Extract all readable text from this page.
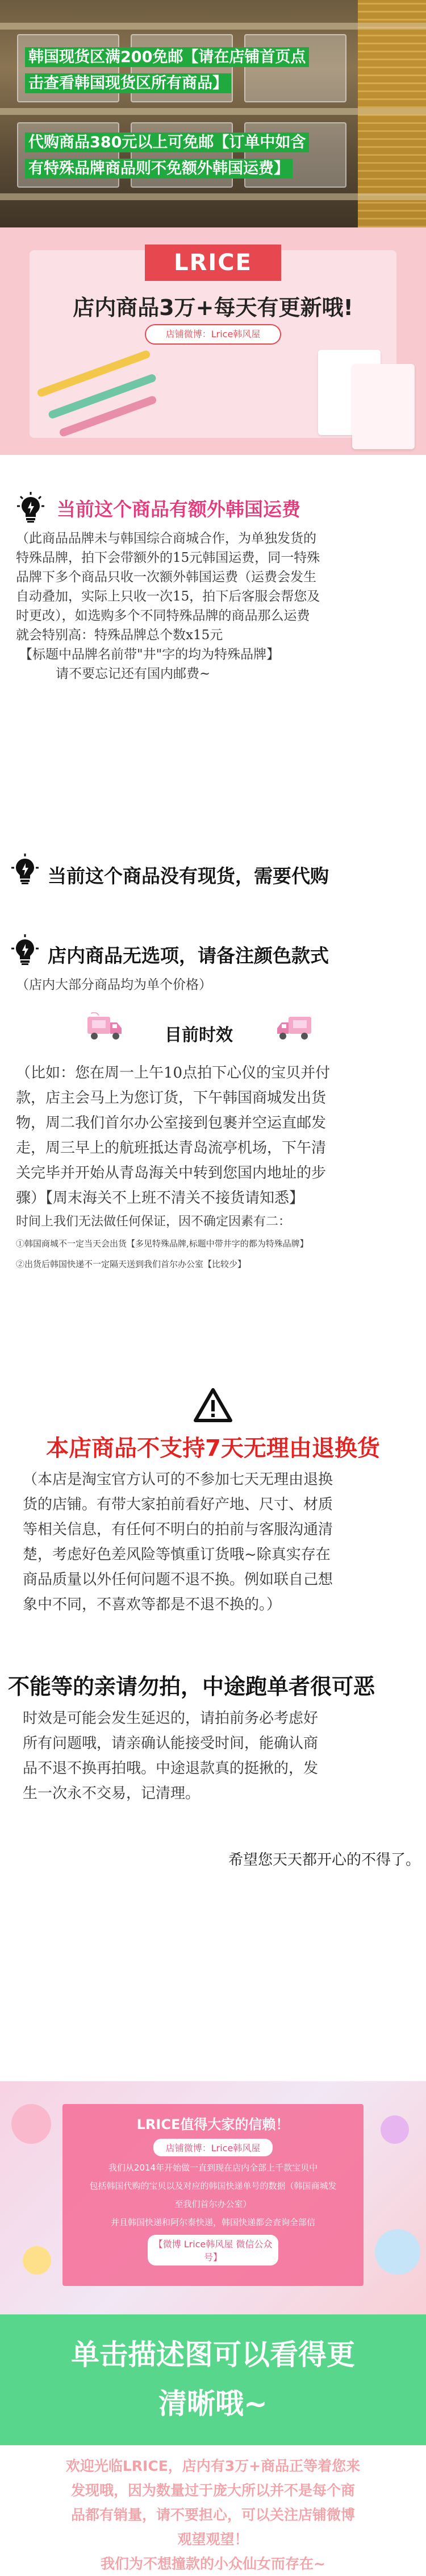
韩国现货区满200免邮【请在店铺首页点
击查看韩国现货区所有商品】
代购商品380元以上可免邮【订单中如含
有特殊品牌商品则不免额外韩国运费】
LRICE
店内商品3万+每天有更新哦!
店铺微博：Lrice韩风屋
当前这个商品有额外韩国运费
（此商品品牌未与韩国综合商城合作，为单独发货的
特殊品牌，拍下会带额外的15元韩国运费，同一特殊
品牌下多个商品只收一次额外韩国运费（运费会发生
自动叠加，实际上只收一次15，拍下后客服会帮您及
时更改），如选购多个不同特殊品牌的商品那么运费
就会特别高：特殊品牌总个数x15元
【标题中品牌名前带"井"字的均为特殊品牌】
请不要忘记还有国内邮费~
当前这个商品没有现货，需要代购
店内商品无选项，请备注颜色款式
（店内大部分商品均为单个价格）
目前时效
（比如：您在周一上午10点拍下心仪的宝贝并付
款，店主会马上为您订货，下午韩国商城发出货
物，周二我们首尔办公室接到包裹并空运直邮发
走，周三早上的航班抵达青岛流亭机场，下午清
关完毕并开始从青岛海关中转到您国内地址的步
骤）【周末海关不上班不清关不接货请知悉】
时间上我们无法做任何保证，因不确定因素有二：
①韩国商城不一定当天会出货【多见特殊品牌,标题中带井字的都为特殊品牌】
②出货后韩国快递不一定隔天送到我们首尔办公室【比较少】
本店商品不支持7天无理由退换货
（本店是淘宝官方认可的不参加七天无理由退换
货的店铺。有带大家拍前看好产地、尺寸、材质
等相关信息，有任何不明白的拍前与客服沟通清
楚，考虑好色差风险等慎重订货哦~除真实存在
商品质量以外任何问题不退不换。例如联自己想
象中不同，不喜欢等都是不退不换的。）
不能等的亲请勿拍，中途跑单者很可恶
时效是可能会发生延迟的，请拍前务必考虑好
所有问题哦，请亲确认能接受时间，能确认商
品不退不换再拍哦。中途退款真的挺揪的，发
生一次永不交易，记清理。
希望您天天都开心的不得了。
LRICE值得大家的信赖！
店铺微博：Lrice韩风屋

我们从2014年开始做一直到现在店内全部上千款宝贝中

包括韩国代购的宝贝以及对应的韩国快递单号的数据（韩国商城发

至我们首尔办公室）

并且韩国快递和阿尔泰快递，韩国快递都会查询全部信

【微博 Lrice韩风屋 微信公众号】
单击描述图可以看得更
清晰哦~
欢迎光临LRICE，店内有3万+商品正等着您来
发现哦，因为数量过于庞大所以并不是每个商
品都有销量，请不要担心，可以关注店铺微博
观望观望！
我们为不想撞款的小众仙女而存在~
